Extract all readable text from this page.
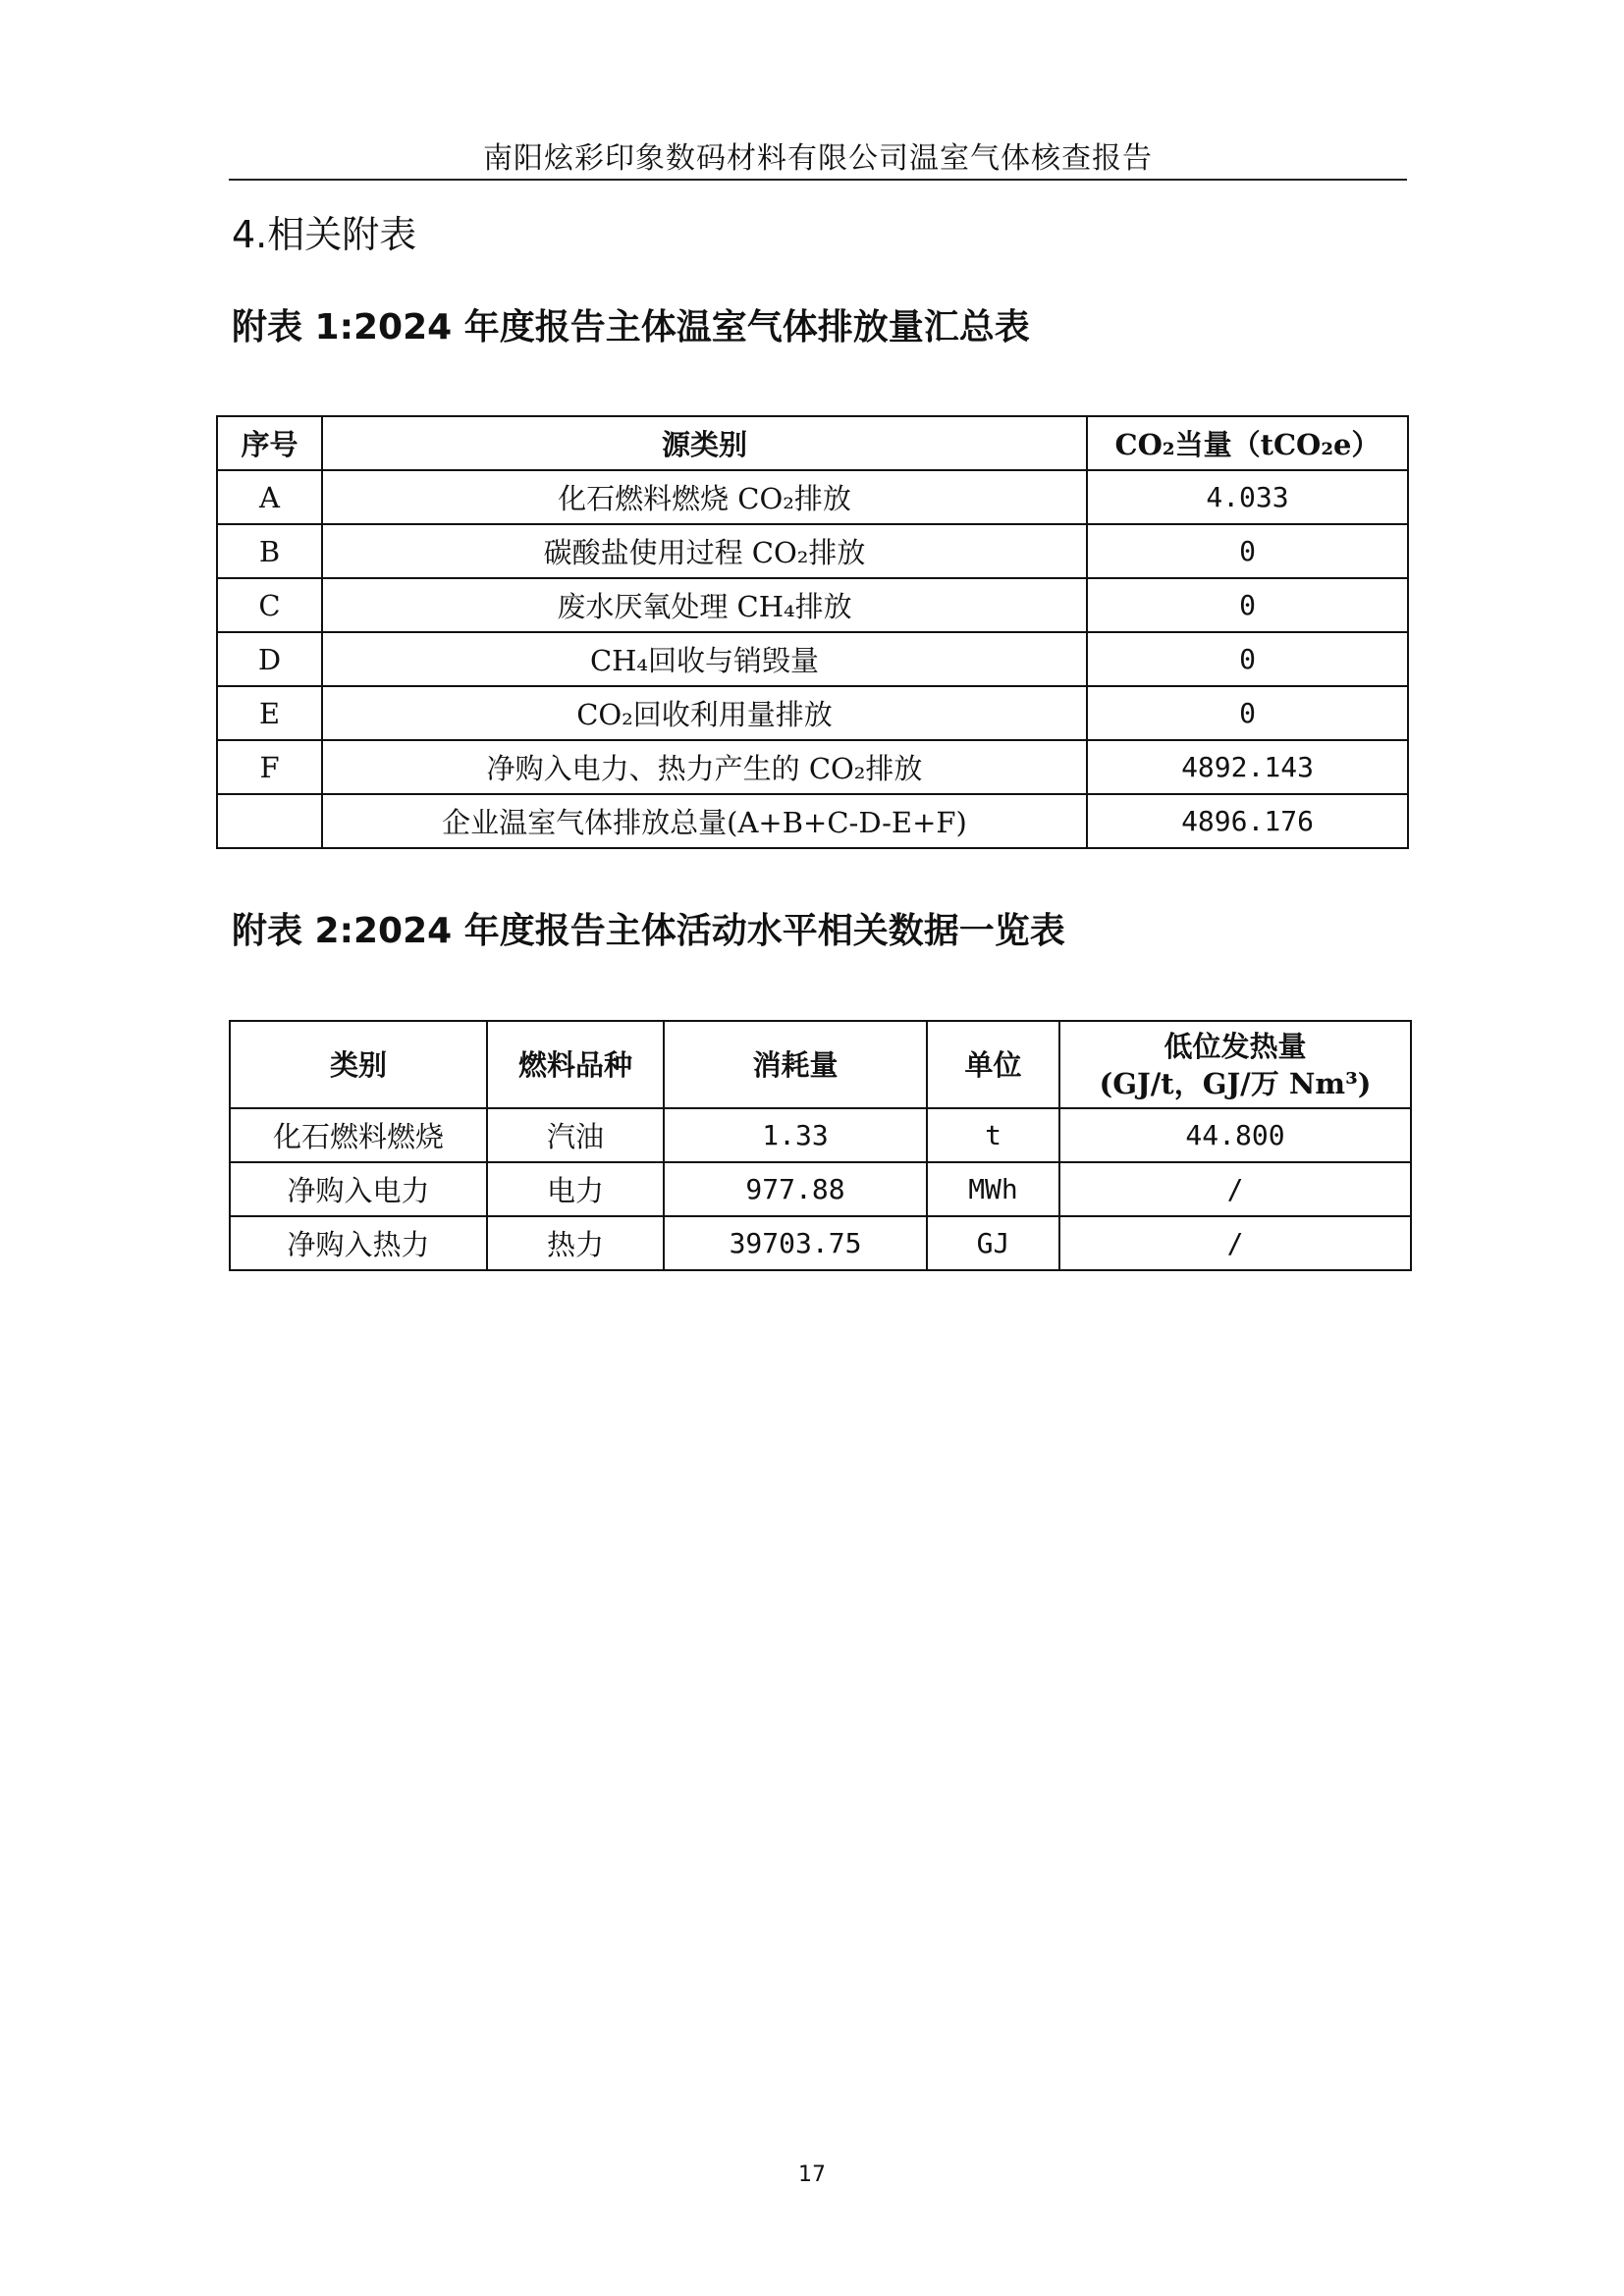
南阳炫彩印象数码材料有限公司温室气体核查报告
4.相关附表
附表 1:2024 年度报告主体温室气体排放量汇总表
序号	源类别	CO₂当量（tCO₂e）
A	化石燃料燃烧 CO₂排放	4.033
B	碳酸盐使用过程 CO₂排放	0
C	废水厌氧处理 CH₄排放	0
D	CH₄回收与销毁量	0
E	CO₂回收利用量排放	0
F	净购入电力、热力产生的 CO₂排放	4892.143
	企业温室气体排放总量(A+B+C-D-E+F)	4896.176
附表 2:2024 年度报告主体活动水平相关数据一览表
类别	燃料品种	消耗量	单位	低位发热量
(GJ/t，GJ/万 Nm³)

化石燃料燃烧	汽油	1.33	t	44.800
净购入电力	电力	977.88	MWh	/
净购入热力	热力	39703.75	GJ	/
17
